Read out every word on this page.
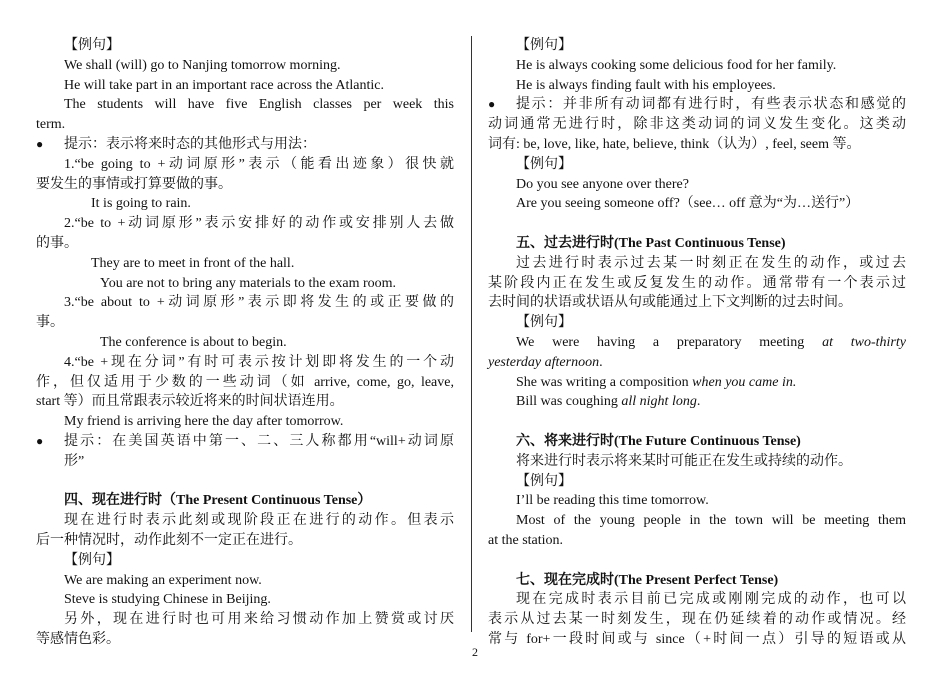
【例句】

We shall (will) go to Nanjing tomorrow morning.

He will take part in an important race across the Atlantic.

The students will have five English classes per week this

term.

● 提示：表示将来时态的其他形式与用法：

1.“be going to +动词原形”表示（能看出迹象）很快就

要发生的事情或打算要做的事。

It is going to rain.

2.“be to +动词原形”表示安排好的动作或安排别人去做

的事。

They are to meet in front of the hall.

You are not to bring any materials to the exam room.

3.“be about to +动词原形”表示即将发生的或正要做的

事。

The conference is about to begin.

4.“be +现在分词”有时可表示按计划即将发生的一个动

作，但仅适用于少数的一些动词（如 arrive, come, go, leave,

start 等）而且常跟表示较近将来的时间状语连用。

My friend is arriving here the day after tomorrow.

● 提示：在美国英语中第一、二、三人称都用“will+动词原

形”

四、现在进行时（The Present Continuous Tense）

现在进行时表示此刻或现阶段正在进行的动作。但表示

后一种情况时，动作此刻不一定正在进行。

【例句】

We are making an experiment now.

Steve is studying Chinese in Beijing.

另外，现在进行时也可用来给习惯动作加上赞赏或讨厌

等感情色彩。

【例句】

He is always cooking some delicious food for her family.

He is always finding fault with his employees.

● 提示：并非所有动词都有进行时，有些表示状态和感觉的

动词通常无进行时，除非这类动词的词义发生变化。这类动

词有: be, love, like, hate, believe, think（认为）, feel, seem 等。

【例句】

Do you see anyone over there?

Are you seeing someone off?（see… off 意为“为…送行”）

五、过去进行时(The Past Continuous Tense)

过去进行时表示过去某一时刻正在发生的动作，或过去

某阶段内正在发生或反复发生的动作。通常带有一个表示过

去时间的状语或状语从句或能通过上下文判断的过去时间。

【例句】

We were having a preparatory meeting at two-thirty

yesterday afternoon.

She was writing a composition when you came in.

Bill was coughing all night long.

六、将来进行时(The Future Continuous Tense)

将来进行时表示将来某时可能正在发生或持续的动作。

【例句】

I’ll be reading this time tomorrow.

Most of the young people in the town will be meeting them

at the station.

七、现在完成时(The Present Perfect Tense)

现在完成时表示目前已完成或刚刚完成的动作，也可以

表示从过去某一时刻发生，现在仍延续着的动作或情况。经

常与 for+一段时间或与 since（+时间一点）引导的短语或从

2
